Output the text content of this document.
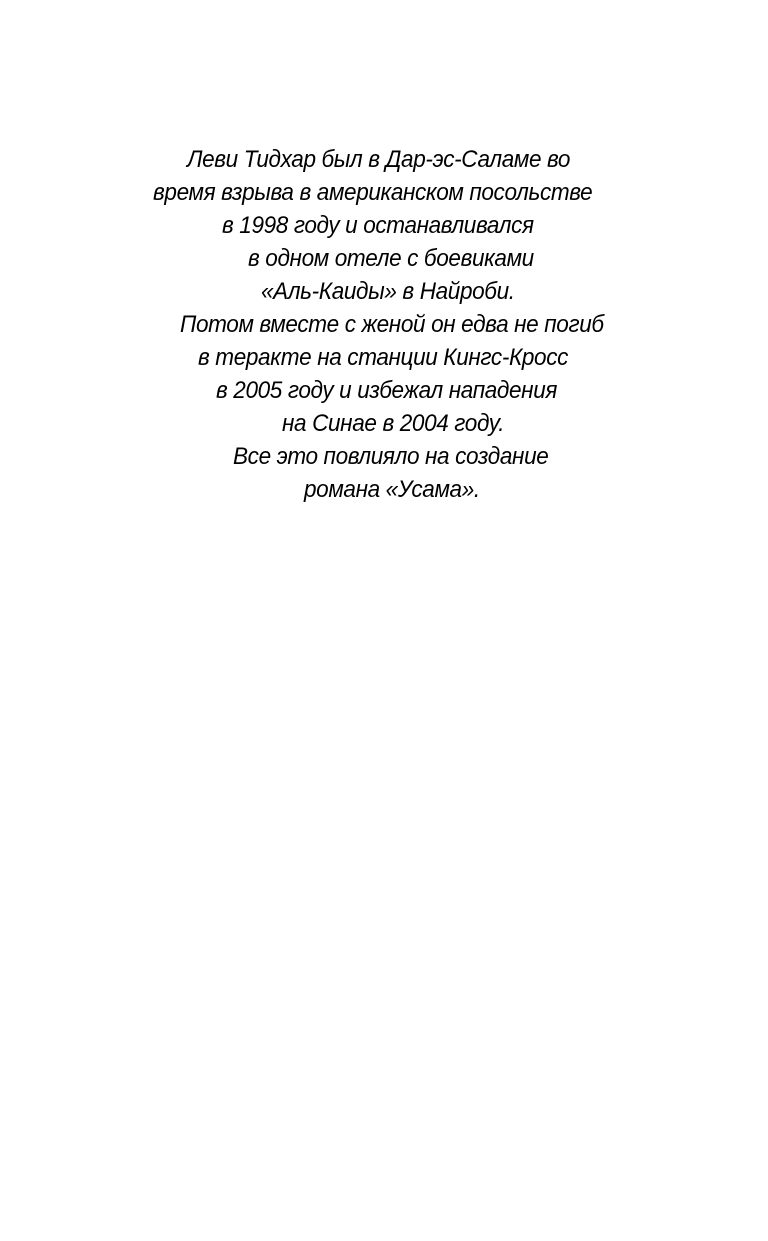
Леви Тидхар был в Дар-эс-Саламе во
время взрыва в американском посольстве
в 1998 году и останавливался
в одном отеле с боевиками
«Аль-Каиды» в Найроби.
Потом вместе с женой он едва не погиб
в теракте на станции Кингс-Кросс
в 2005 году и избежал нападения
на Синае в 2004 году.
Все это повлияло на создание
романа «Усама».
